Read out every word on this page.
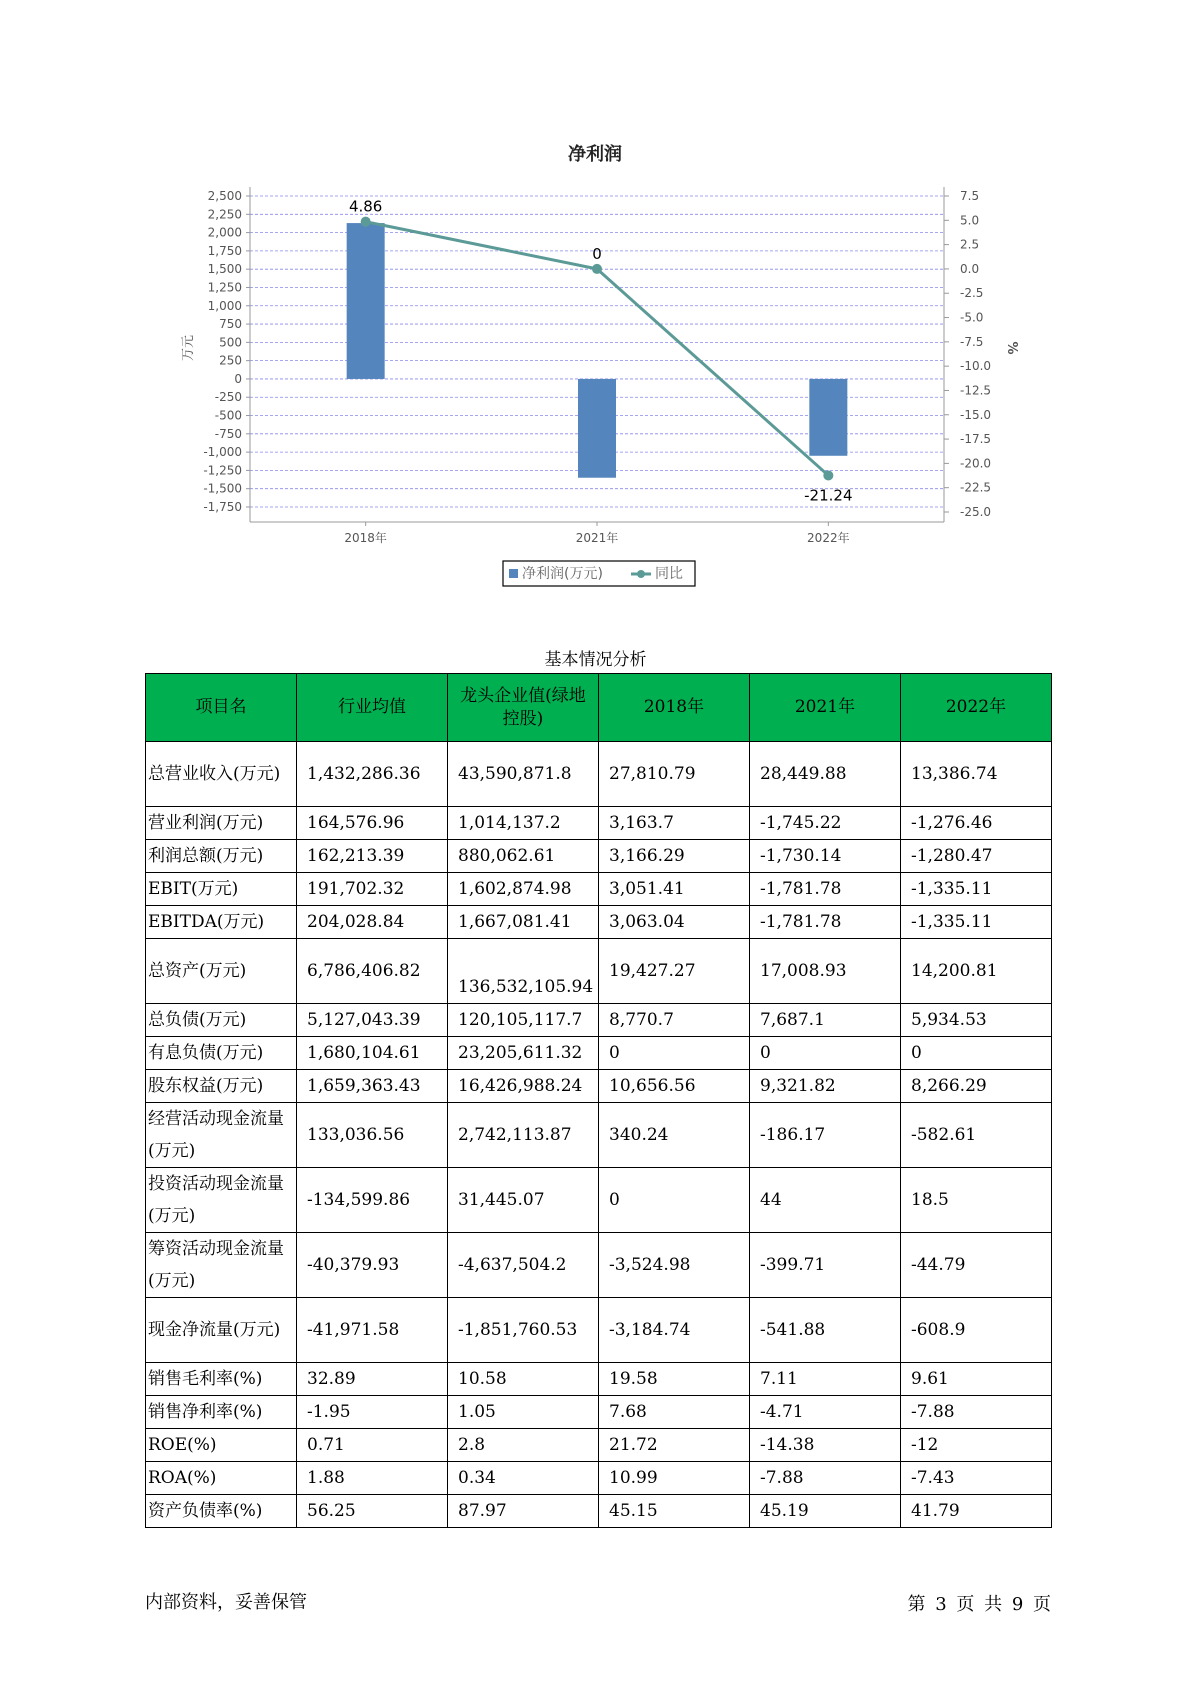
净利润
2,500
2,250
2,000
1,750
1,500
1,250
1,000
750
500
250
0
-250
-500
-750
-1,000
-1,250
-1,500
-1,750
7.5
5.0
2.5
0.0
-2.5
-5.0
-7.5
-10.0
-12.5
-15.0
-17.5
-20.0
-22.5
-25.0
万元	%
2018年	2021年	2022年
4.86
0
-21.24
净利润(万元)	同比
基本情况分析
项目名	行业均值	龙头企业值(绿地控股)	2018年	2021年	2022年
总营业收入(万元)	1,432,286.36	43,590,871.8	27,810.79	28,449.88	13,386.74
营业利润(万元)	164,576.96	1,014,137.2	3,163.7	-1,745.22	-1,276.46
利润总额(万元)	162,213.39	880,062.61	3,166.29	-1,730.14	-1,280.47
EBIT(万元)	191,702.32	1,602,874.98	3,051.41	-1,781.78	-1,335.11
EBITDA(万元)	204,028.84	1,667,081.41	3,063.04	-1,781.78	-1,335.11
总资产(万元)	6,786,406.82	136,532,105.94	19,427.27	17,008.93	14,200.81
总负债(万元)	5,127,043.39	120,105,117.7	8,770.7	7,687.1	5,934.53
有息负债(万元)	1,680,104.61	23,205,611.32	0	0	0
股东权益(万元)	1,659,363.43	16,426,988.24	10,656.56	9,321.82	8,266.29
经营活动现金流量(万元)	133,036.56	2,742,113.87	340.24	-186.17	-582.61
投资活动现金流量(万元)	-134,599.86	31,445.07	0	44	18.5
筹资活动现金流量(万元)	-40,379.93	-4,637,504.2	-3,524.98	-399.71	-44.79
现金净流量(万元)	-41,971.58	-1,851,760.53	-3,184.74	-541.88	-608.9
销售毛利率(%)	32.89	10.58	19.58	7.11	9.61
销售净利率(%)	-1.95	1.05	7.68	-4.71	-7.88
ROE(%)	0.71	2.8	21.72	-14.38	-12
ROA(%)	1.88	0.34	10.99	-7.88	-7.43
资产负债率(%)	56.25	87.97	45.15	45.19	41.79
内部资料，妥善保管	第 3 页 共 9 页
